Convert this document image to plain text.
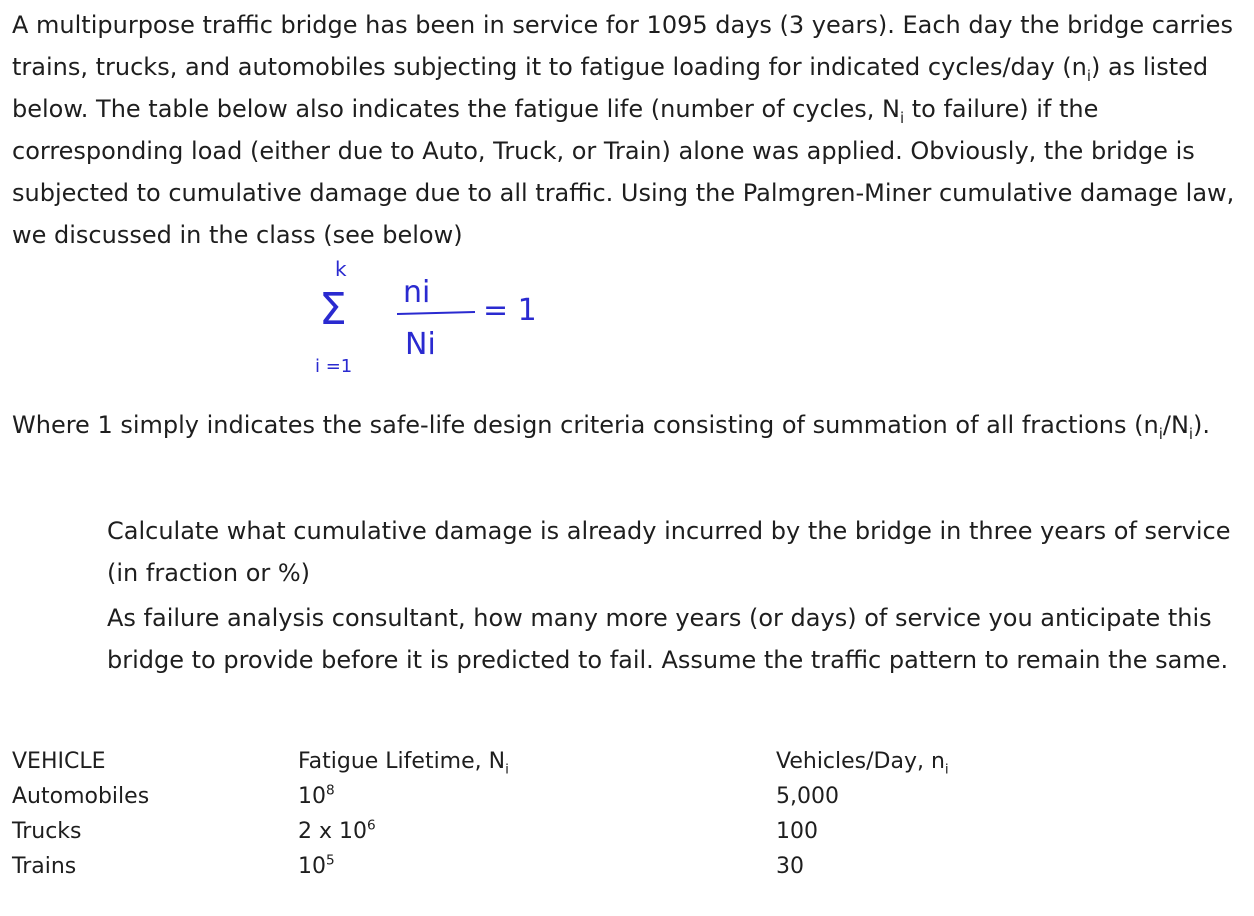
A multipurpose traffic bridge has been in service for 1095 days (3 years). Each day the bridge carries trains, trucks, and automobiles subjecting it to fatigue loading for indicated cycles/day $(n_i)$ as listed below. The table below also indicates the fatigue life (number of cycles, $N_i$ to failure) if the corresponding load (either due to Auto, Truck, or Train) alone was applied. Obviously, the bridge is subjected to cumulative damage due to all traffic. Using the Palmgren-Miner cumulative damage law, we discussed in the class (see below)

k
Σ
i =1
ni
Ni
= 1

Where 1 simply indicates the safe-life design criteria consisting of summation of all fractions $(n_i/N_i)$.

Calculate what cumulative damage is already incurred by the bridge in three years of service (in fraction or %)

As failure analysis consultant, how many more years (or days) of service you anticipate this bridge to provide before it is predicted to fail. Assume the traffic pattern to remain the same.

VEHICLE	Fatigue Lifetime, $N_i$	Vehicles/Day, $n_i$
Automobiles	$10^8$	5,000
Trucks	2 x $10^6$	100
Trains	$10^5$	30
